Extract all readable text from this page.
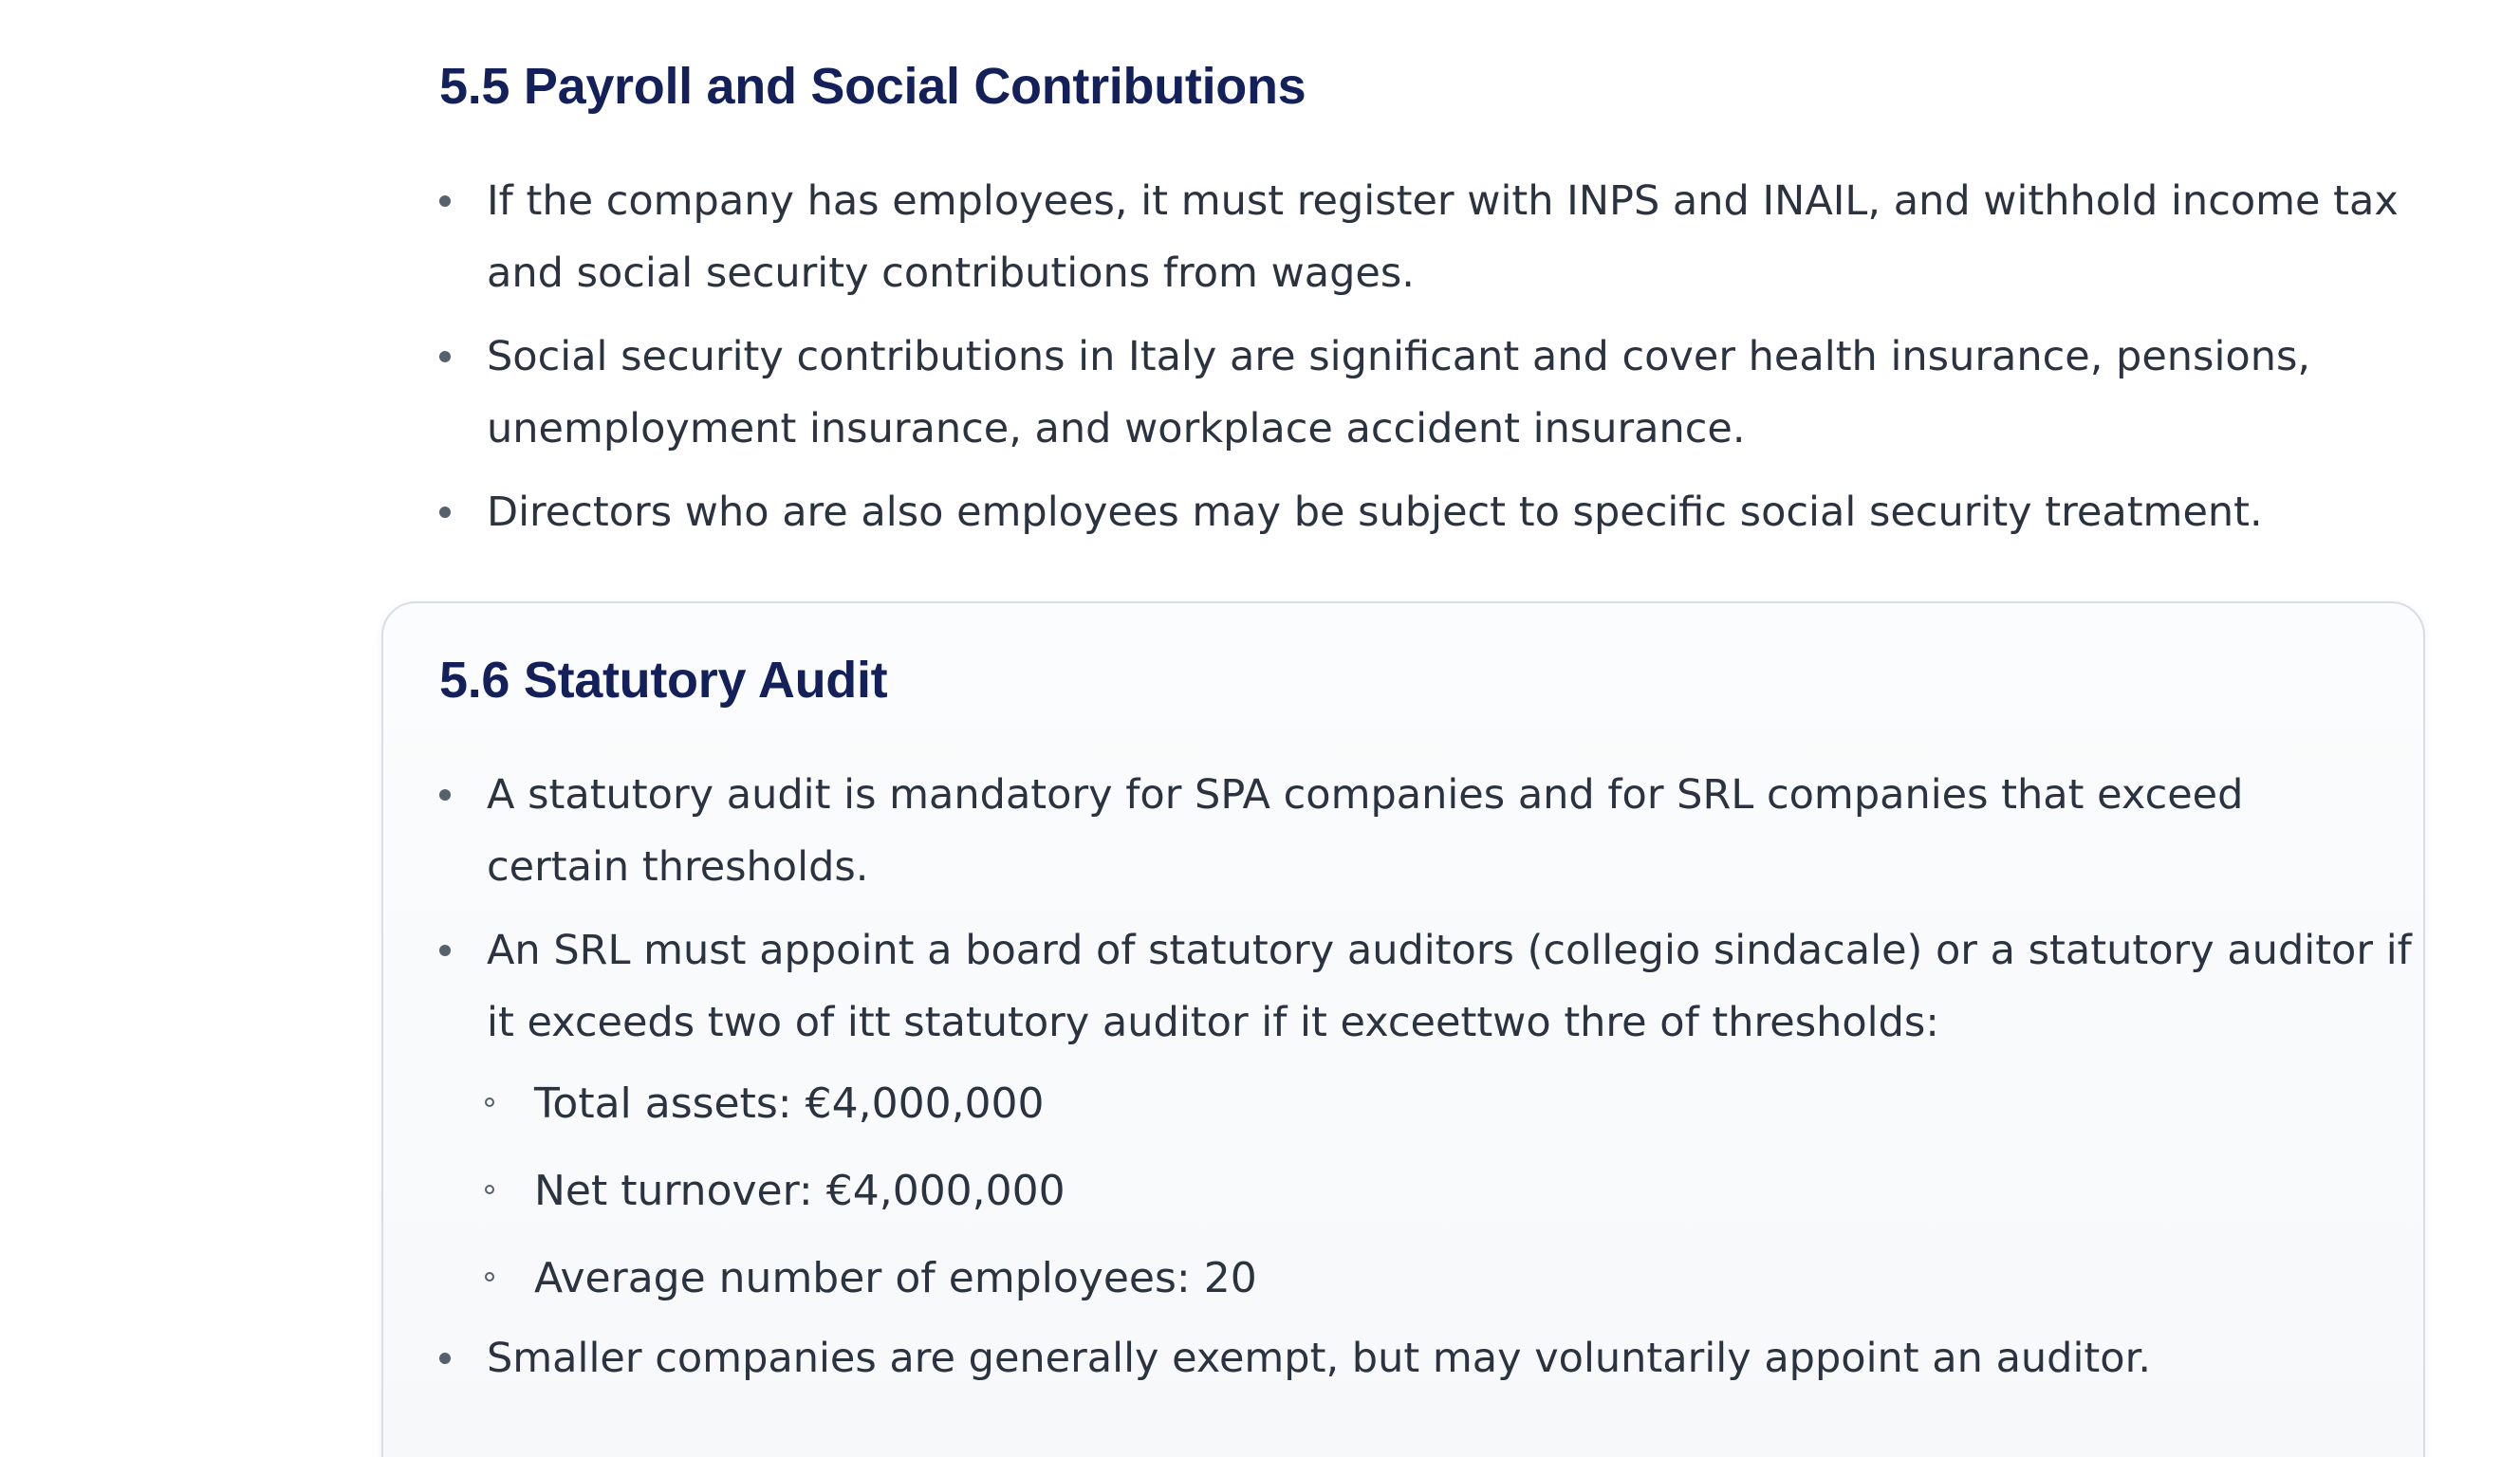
5.5 Payroll and Social Contributions
If the company has employees, it must register with INPS and INAIL, and withhold income tax and social security contributions from wages.
Social security contributions in Italy are significant and cover health insurance, pensions, unemployment insurance, and workplace accident insurance.
Directors who are also employees may be subject to specific social security treatment.
5.6 Statutory Audit
A statutory audit is mandatory for SPA companies and for SRL companies that exceed certain thresholds.
An SRL must appoint a board of statutory auditors (collegio sindacale) or a statutory auditor if it exceeds two of itt statutory auditor if it exceettwo thre of thresholds:
Total assets: €4,000,000
Net turnover: €4,000,000
Average number of employees: 20
Smaller companies are generally exempt, but may voluntarily appoint an auditor.
